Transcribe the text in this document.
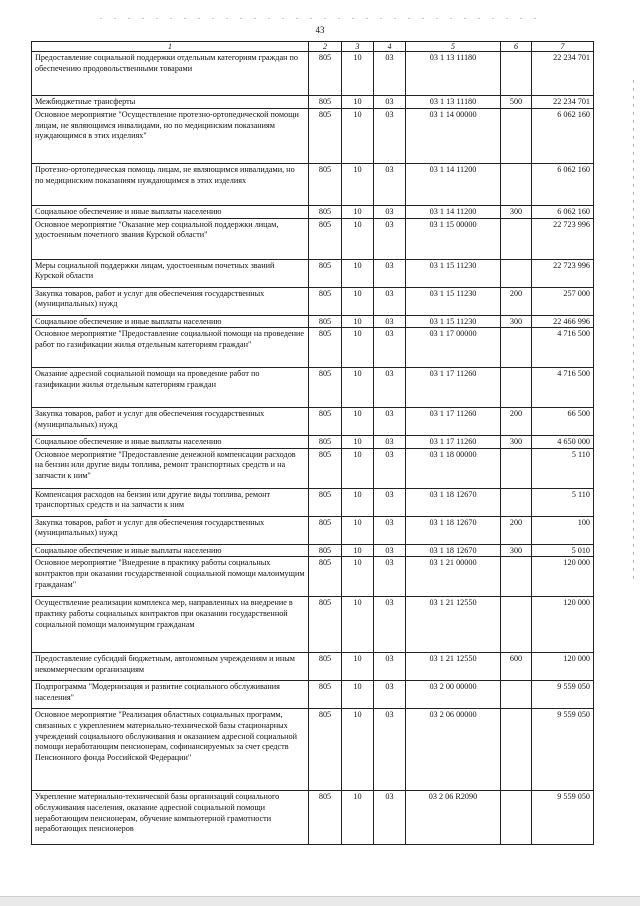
43
1	2	3	4	5	6	7
Предоставление социальной поддержки отдельным категориям граждан по обеспечению продовольственными товарами	805	10	03	03 1 13 11180		22 234 701
Межбюджетные трансферты	805	10	03	03 1 13 11180	500	22 234 701
Основное мероприятие "Осуществление протезно-ортопедической помощи лицам, не являющимся инвалидами, но по медицинским показаниям нуждающимся в этих изделиях"	805	10	03	03 1 14 00000		6 062 160
Протезно-ортопедическая помощь лицам, не являющимся инвалидами, но по медицинским показаниям нуждающимся в этих изделиях	805	10	03	03 1 14 11200		6 062 160
Социальное обеспечение и иные выплаты населению	805	10	03	03 1 14 11200	300	6 062 160
Основное мероприятие "Оказание мер социальной поддержки лицам, удостоенным почетного звания Курской области"	805	10	03	03 1 15 00000		22 723 996
Меры социальной поддержки лицам, удостоенным почетных званий Курской области	805	10	03	03 1 15 11230		22 723 996
Закупка товаров, работ и услуг для обеспечения государственных (муниципальных) нужд	805	10	03	03 1 15 11230	200	257 000
Социальное обеспечение и иные выплаты населению	805	10	03	03 1 15 11230	300	22 466 996
Основное мероприятие "Предоставление социальной помощи на проведение работ по газификации жилья отдельным категориям граждан"	805	10	03	03 1 17 00000		4 716 500
Оказание адресной социальной помощи на проведение работ по газификации жилья отдельным категориям граждан	805	10	03	03 1 17 11260		4 716 500
Закупка товаров, работ и услуг для обеспечения государственных (муниципальных) нужд	805	10	03	03 1 17 11260	200	66 500
Социальное обеспечение и иные выплаты населению	805	10	03	03 1 17 11260	300	4 650 000
Основное мероприятие "Предоставление денежной компенсации расходов на бензин или другие виды топлива, ремонт транспортных средств и на запчасти к ним"	805	10	03	03 1 18 00000		5 110
Компенсация расходов на бензин или другие виды топлива, ремонт транспортных средств и на запчасти к ним	805	10	03	03 1 18 12670		5 110
Закупка товаров, работ и услуг для обеспечения государственных (муниципальных) нужд	805	10	03	03 1 18 12670	200	100
Социальное обеспечение и иные выплаты населению	805	10	03	03 1 18 12670	300	5 010
Основное мероприятие "Внедрение в практику работы социальных контрактов при оказании государственной социальной помощи малоимущим гражданам"	805	10	03	03 1 21 00000		120 000
Осуществление реализации комплекса мер, направленных на внедрение в практику работы социальных контрактов при оказании государственной социальной помощи малоимущим гражданам	805	10	03	03 1 21 12550		120 000
Предоставление субсидий бюджетным, автономным учреждениям и иным некоммерческим организациям	805	10	03	03 1 21 12550	600	120 000
Подпрограмма "Модернизация и развитие социального обслуживания населения"	805	10	03	03 2 00 00000		9 559 050
Основное мероприятие "Реализация областных социальных программ, связанных с укреплением материально-технической базы стационарных учреждений социального обслуживания и оказанием адресной социальной помощи неработающим пенсионерам, софинансируемых за счет средств Пенсионного фонда Российской Федерации"	805	10	03	03 2 06 00000		9 559 050
Укрепление материально-технической базы организаций социального обслуживания населения, оказание адресной социальной помощи неработающим пенсионерам, обучение компьютерной грамотности неработающих пенсионеров	805	10	03	03 2 06 R2090		9 559 050
